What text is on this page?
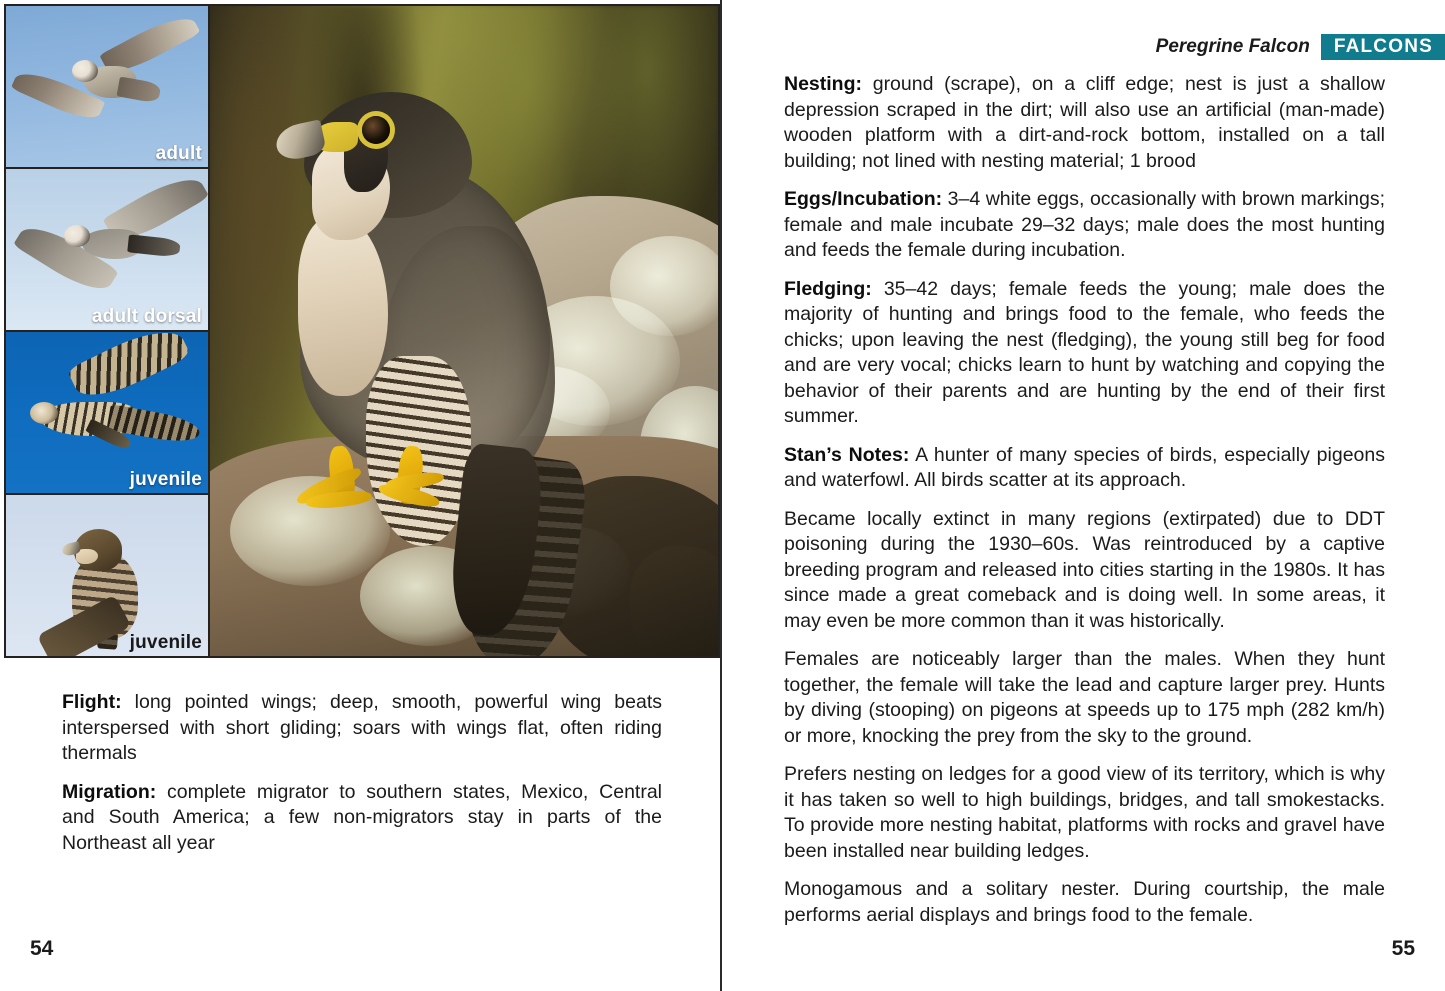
adult
adult dorsal
juvenile
juvenile

Flight: long pointed wings; deep, smooth, powerful wing beats interspersed with short gliding; soars with wings flat, often riding thermals

Migration: complete migrator to southern states, Mexico, Central and South America; a few non-migrators stay in parts of the Northeast all year

54
Peregrine Falcon	FALCONS

Nesting: ground (scrape), on a cliff edge; nest is just a shallow depression scraped in the dirt; will also use an artificial (man-made) wooden platform with a dirt-and-rock bottom, installed on a tall building; not lined with nesting material; 1 brood

Eggs/Incubation: 3–4 white eggs, occasionally with brown markings; female and male incubate 29–32 days; male does the most hunting and feeds the female during incubation.

Fledging: 35–42 days; female feeds the young; male does the majority of hunting and brings food to the female, who feeds the chicks; upon leaving the nest (fledging), the young still beg for food and are very vocal; chicks learn to hunt by watching and copying the behavior of their parents and are hunting by the end of their first summer.

Stan’s Notes: A hunter of many species of birds, especially pigeons and waterfowl. All birds scatter at its approach.

Became locally extinct in many regions (extirpated) due to DDT poisoning during the 1930–60s. Was reintroduced by a captive breeding program and released into cities starting in the 1980s. It has since made a great comeback and is doing well. In some areas, it may even be more common than it was historically.

Females are noticeably larger than the males. When they hunt together, the female will take the lead and capture larger prey. Hunts by diving (stooping) on pigeons at speeds up to 175 mph (282 km/h) or more, knocking the prey from the sky to the ground.

Prefers nesting on ledges for a good view of its territory, which is why it has taken so well to high buildings, bridges, and tall smokestacks. To provide more nesting habitat, platforms with rocks and gravel have been installed near building ledges.

Monogamous and a solitary nester. During courtship, the male performs aerial displays and brings food to the female.

55
